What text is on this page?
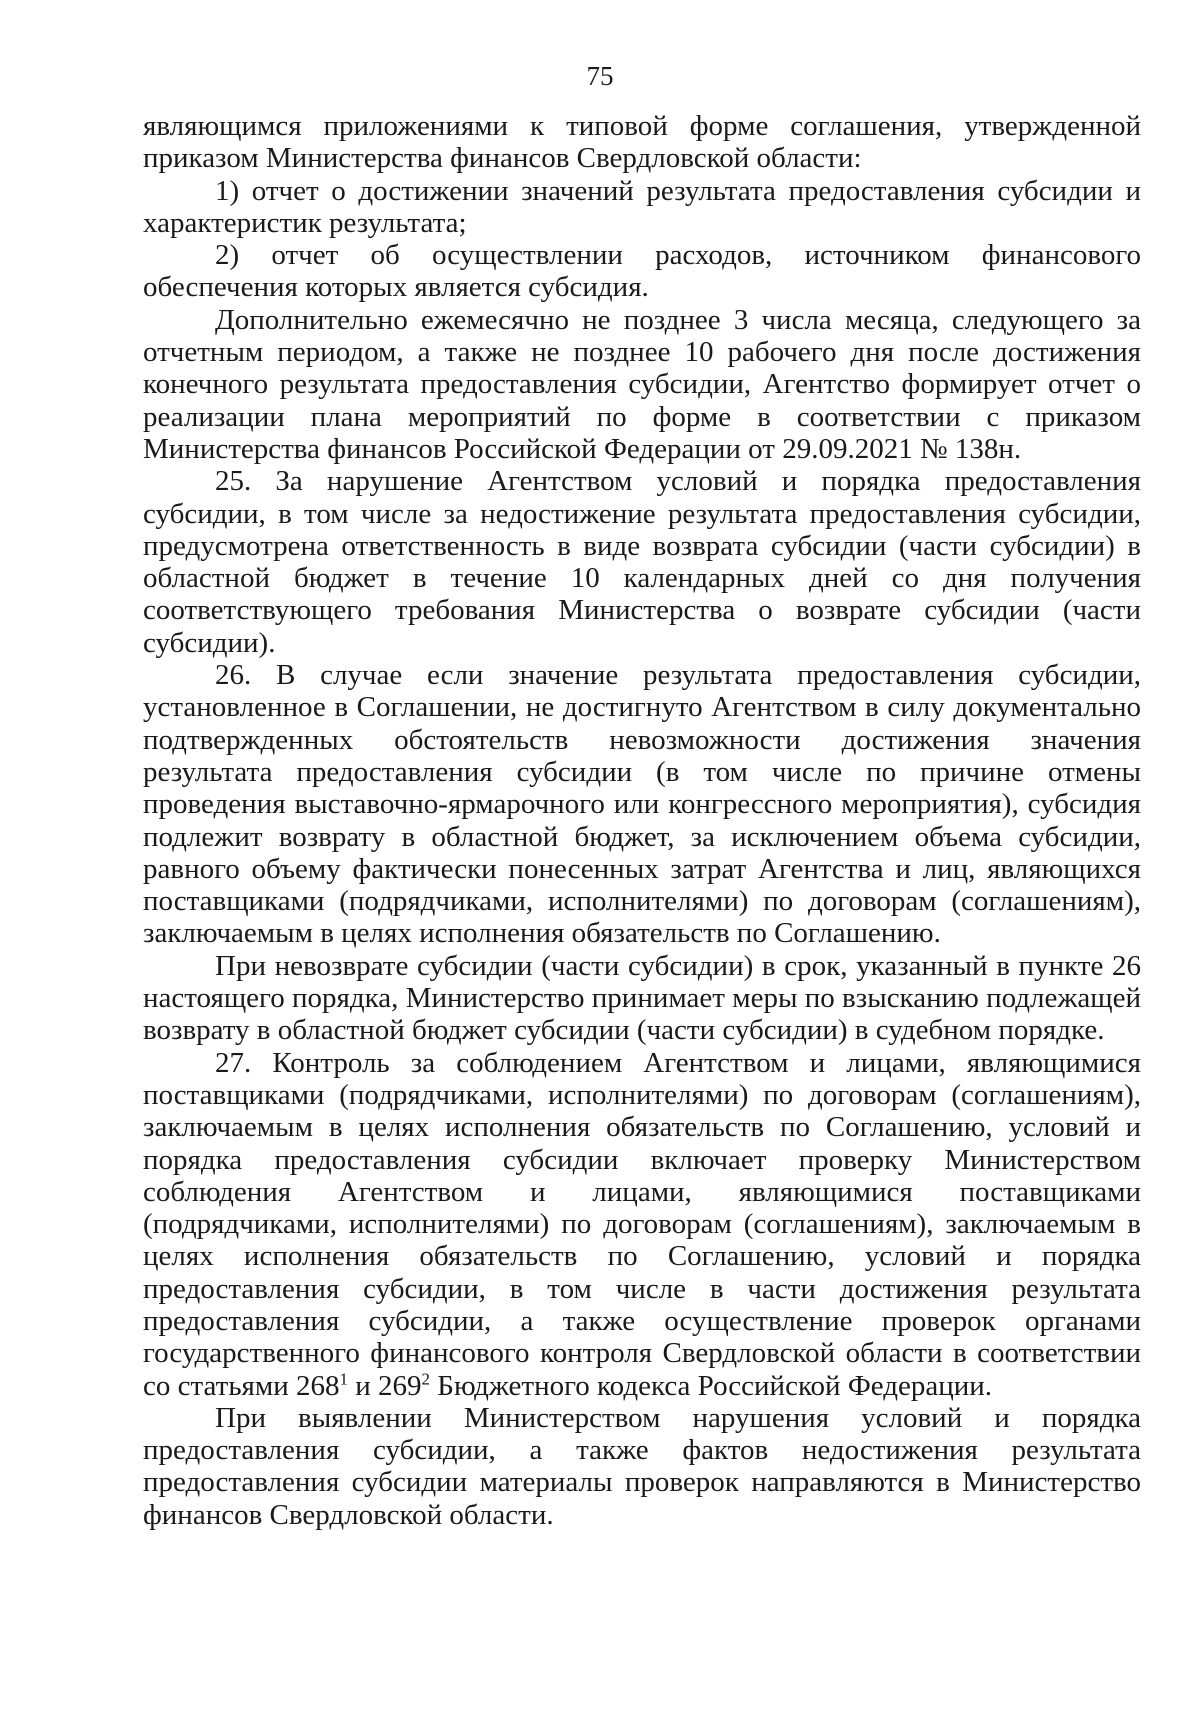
75

являющимся приложениями к типовой форме соглашения, утвержденной приказом Министерства финансов Свердловской области:

1) отчет о достижении значений результата предоставления субсидии и характеристик результата;

2) отчет об осуществлении расходов, источником финансового обеспечения которых является субсидия.

Дополнительно ежемесячно не позднее 3 числа месяца, следующего за отчетным периодом, а также не позднее 10 рабочего дня после достижения конечного результата предоставления субсидии, Агентство формирует отчет о реализации плана мероприятий по форме в соответствии с приказом Министерства финансов Российской Федерации от 29.09.2021 № 138н.

25. За нарушение Агентством условий и порядка предоставления субсидии, в том числе за недостижение результата предоставления субсидии, предусмотрена ответственность в виде возврата субсидии (части субсидии) в областной бюджет в течение 10 календарных дней со дня получения соответствующего требования Министерства о возврате субсидии (части субсидии).

26. В случае если значение результата предоставления субсидии, установленное в Соглашении, не достигнуто Агентством в силу документально подтвержденных обстоятельств невозможности достижения значения результата предоставления субсидии (в том числе по причине отмены проведения выставочно-ярмарочного или конгрессного мероприятия), субсидия подлежит возврату в областной бюджет, за исключением объема субсидии, равного объему фактически понесенных затрат Агентства и лиц, являющихся поставщиками (подрядчиками, исполнителями) по договорам (соглашениям), заключаемым в целях исполнения обязательств по Соглашению.

При невозврате субсидии (части субсидии) в срок, указанный в пункте 26 настоящего порядка, Министерство принимает меры по взысканию подлежащей возврату в областной бюджет субсидии (части субсидии) в судебном порядке.

27. Контроль за соблюдением Агентством и лицами, являющимися поставщиками (подрядчиками, исполнителями) по договорам (соглашениям), заключаемым в целях исполнения обязательств по Соглашению, условий и порядка предоставления субсидии включает проверку Министерством соблюдения Агентством и лицами, являющимися поставщиками (подрядчиками, исполнителями) по договорам (соглашениям), заключаемым в целях исполнения обязательств по Соглашению, условий и порядка предоставления субсидии, в том числе в части достижения результата предоставления субсидии, а также осуществление проверок органами государственного финансового контроля Свердловской области в соответствии со статьями $268^1$ и $269^2$ Бюджетного кодекса Российской Федерации.

При выявлении Министерством нарушения условий и порядка предоставления субсидии, а также фактов недостижения результата предоставления субсидии материалы проверок направляются в Министерство финансов Свердловской области.
